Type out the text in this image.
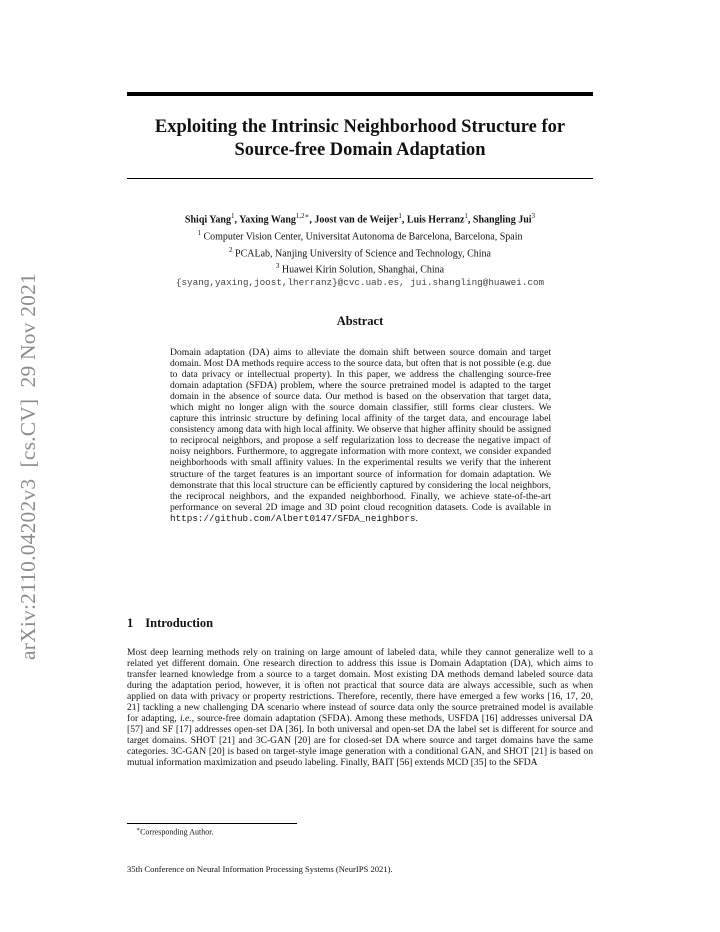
arXiv:2110.04202v3  [cs.CV]  29 Nov 2021
Exploiting the Intrinsic Neighborhood Structure for
Source-free Domain Adaptation
Shiqi Yang$^1$, Yaxing Wang$^{1,2∗}$, Joost van de Weijer$^1$, Luis Herranz$^1$, Shangling Jui$^3$
$^1$ Computer Vision Center, Universitat Autonoma de Barcelona, Barcelona, Spain
$^2$ PCALab, Nanjing University of Science and Technology, China
$^3$ Huawei Kirin Solution, Shanghai, China
{syang,yaxing,joost,lherranz}@cvc.uab.es, jui.shangling@huawei.com
Abstract
Domain adaptation (DA) aims to alleviate the domain shift between source domain and target domain. Most DA methods require access to the source data, but often that is not possible (e.g. due to data privacy or intellectual property). In this paper, we address the challenging source-free domain adaptation (SFDA) problem, where the source pretrained model is adapted to the target domain in the absence of source data. Our method is based on the observation that target data, which might no longer align with the source domain classifier, still forms clear clusters. We capture this intrinsic structure by defining local affinity of the target data, and encourage label consistency among data with high local affinity. We observe that higher affinity should be assigned to reciprocal neighbors, and propose a self regularization loss to decrease the negative impact of noisy neighbors. Furthermore, to aggregate information with more context, we consider expanded neighborhoods with small affinity values. In the experimental results we verify that the inherent structure of the target features is an important source of information for domain adaptation. We demonstrate that this local structure can be efficiently captured by considering the local neighbors, the reciprocal neighbors, and the expanded neighborhood. Finally, we achieve state-of-the-art performance on several 2D image and 3D point cloud recognition datasets. Code is available in https://github.com/Albert0147/SFDA_neighbors.
1 Introduction
Most deep learning methods rely on training on large amount of labeled data, while they cannot generalize well to a related yet different domain. One research direction to address this issue is Domain Adaptation (DA), which aims to transfer learned knowledge from a source to a target domain. Most existing DA methods demand labeled source data during the adaptation period, however, it is often not practical that source data are always accessible, such as when applied on data with privacy or property restrictions. Therefore, recently, there have emerged a few works [16, 17, 20, 21] tackling a new challenging DA scenario where instead of source data only the source pretrained model is available for adapting, i.e., source-free domain adaptation (SFDA). Among these methods, USFDA [16] addresses universal DA [57] and SF [17] addresses open-set DA [36]. In both universal and open-set DA the label set is different for source and target domains. SHOT [21] and 3C-GAN [20] are for closed-set DA where source and target domains have the same categories. 3C-GAN [20] is based on target-style image generation with a conditional GAN, and SHOT [21] is based on mutual information maximization and pseudo labeling. Finally, BAIT [56] extends MCD [35] to the SFDA
∗Corresponding Author.
35th Conference on Neural Information Processing Systems (NeurIPS 2021).
